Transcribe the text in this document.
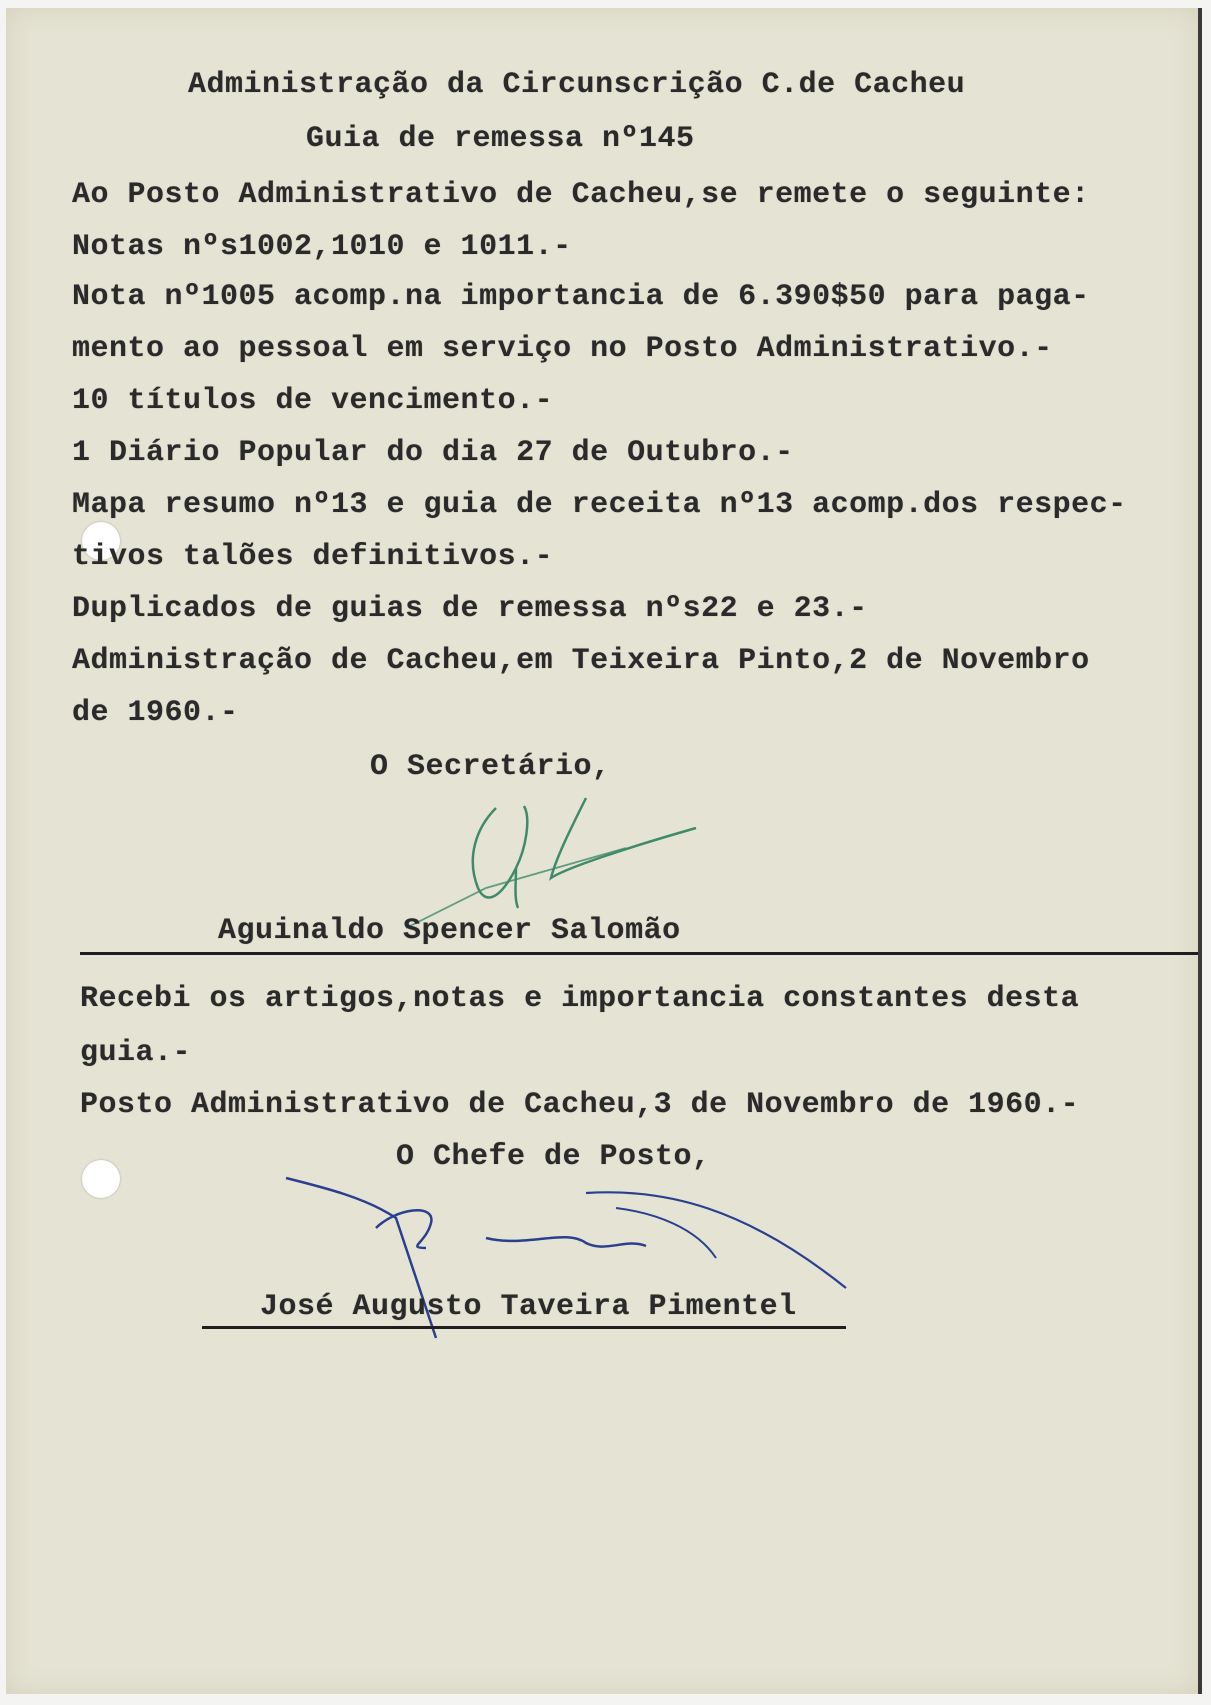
Administração da Circunscrição C.de Cacheu
Guia de remessa nº145
Ao Posto Administrativo de Cacheu,se remete o seguinte:
Notas nºs1002,1010 e 1011.-
Nota nº1005 acomp.na importancia de 6.390$50 para paga-
mento ao pessoal em serviço no Posto Administrativo.-
10 títulos de vencimento.-
1 Diário Popular do dia 27 de Outubro.-
Mapa resumo nº13 e guia de receita nº13 acomp.dos respec-
tivos talões definitivos.-
Duplicados de guias de remessa nºs22 e 23.-
Administração de Cacheu,em Teixeira Pinto,2 de Novembro
de 1960.-
O Secretário,
Aguinaldo Spencer Salomão
Recebi os artigos,notas e importancia constantes desta
guia.-
Posto Administrativo de Cacheu,3 de Novembro de 1960.-
O Chefe de Posto,
José Augusto Taveira Pimentel
